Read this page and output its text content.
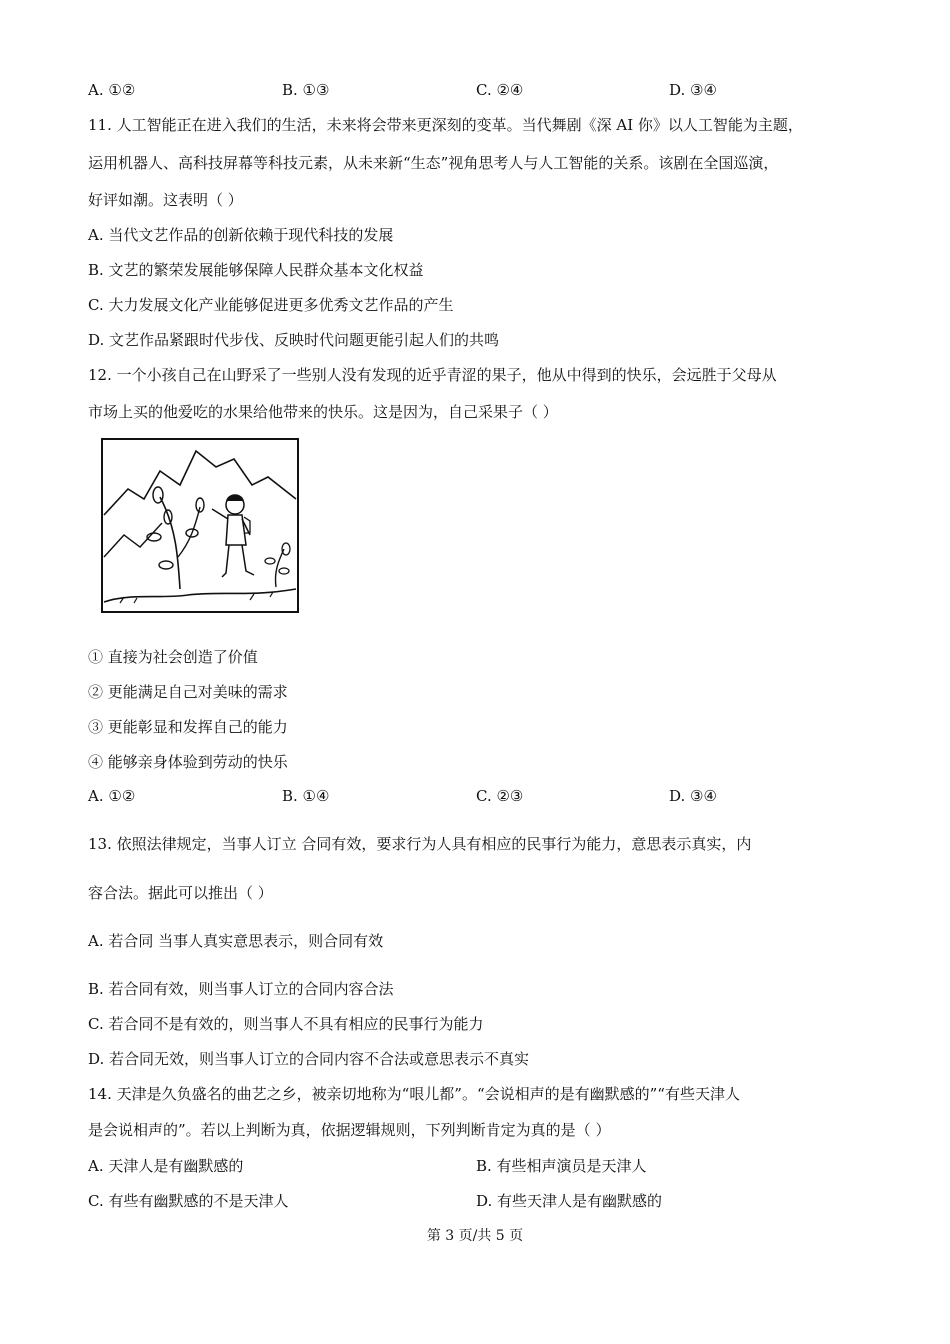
A. ①②	B. ①③	C. ②④	D. ③④
11. 人工智能正在进入我们的生活，未来将会带来更深刻的变革。当代舞剧《深 AI 你》以人工智能为主题，
运用机器人、高科技屏幕等科技元素，从未来新“生态”视角思考人与人工智能的关系。该剧在全国巡演，
好评如潮。这表明（ ）
A. 当代文艺作品的创新依赖于现代科技的发展
B. 文艺的繁荣发展能够保障人民群众基本文化权益
C. 大力发展文化产业能够促进更多优秀文艺作品的产生
D. 文艺作品紧跟时代步伐、反映时代问题更能引起人们的共鸣
12. 一个小孩自己在山野采了一些别人没有发现的近乎青涩的果子，他从中得到的快乐，会远胜于父母从
市场上买的他爱吃的水果给他带来的快乐。这是因为，自己采果子（ ）
① 直接为社会创造了价值
② 更能满足自己对美味的需求
③ 更能彰显和发挥自己的能力
④ 能够亲身体验到劳动的快乐
A. ①②	B. ①④	C. ②③	D. ③④
13. 依照法律规定，当事人订立 合同有效，要求行为人具有相应的民事行为能力，意思表示真实，内
容合法。据此可以推出（ ）
A. 若合同 当事人真实意思表示，则合同有效
B. 若合同有效，则当事人订立的合同内容合法
C. 若合同不是有效的，则当事人不具有相应的民事行为能力
D. 若合同无效，则当事人订立的合同内容不合法或意思表示不真实
14. 天津是久负盛名的曲艺之乡，被亲切地称为“哏儿都”。“会说相声的是有幽默感的”“有些天津人
是会说相声的”。若以上判断为真，依据逻辑规则，下列判断肯定为真的是（ ）
A. 天津人是有幽默感的	B. 有些相声演员是天津人
C. 有些有幽默感的不是天津人	D. 有些天津人是有幽默感的
第 3 页/共 5 页
